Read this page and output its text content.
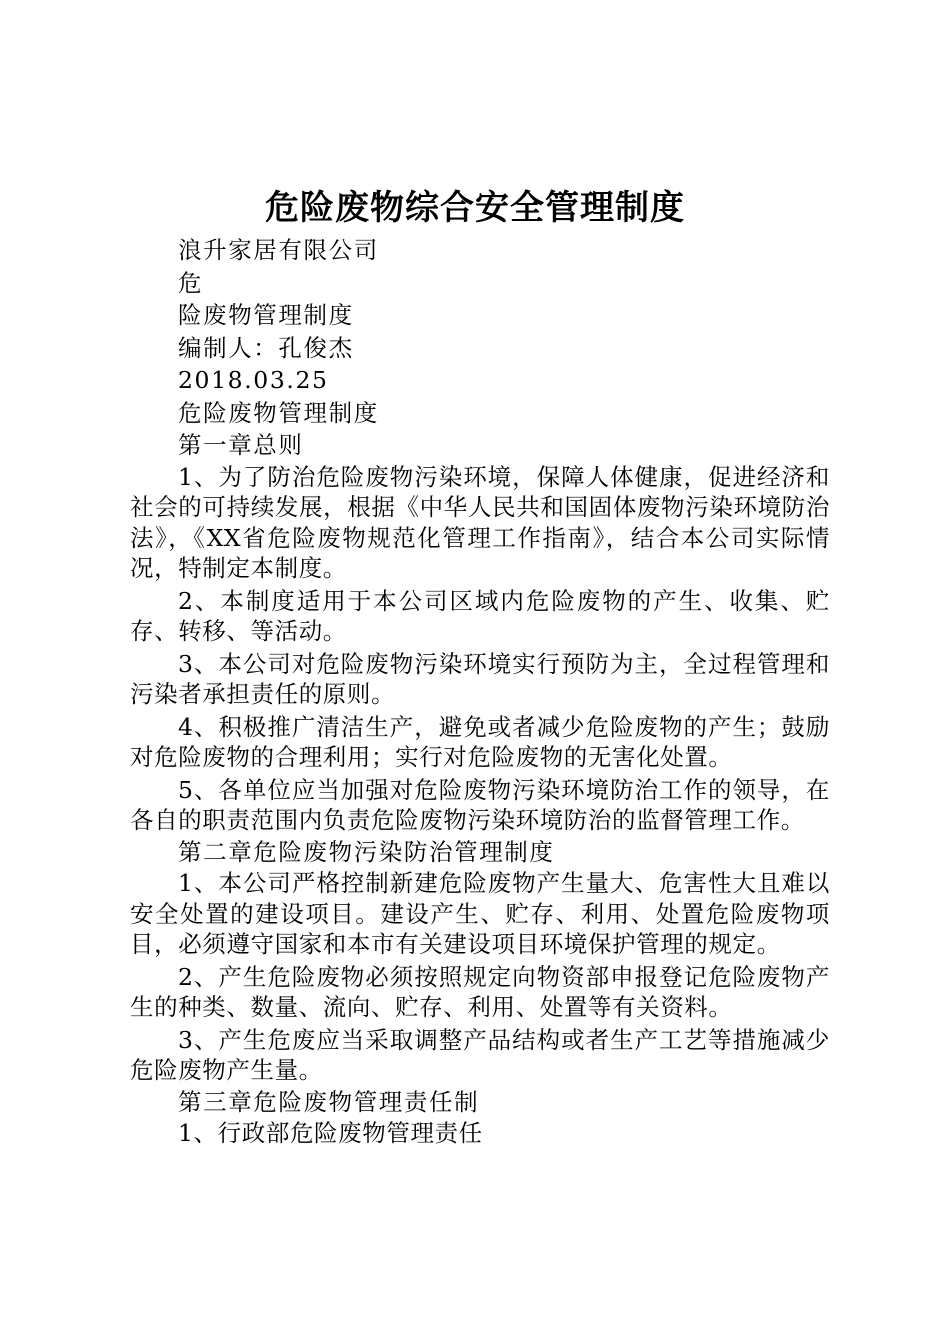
危险废物综合安全管理制度
浪升家居有限公司
危
险废物管理制度
编制人：孔俊杰
2018.03.25
危险废物管理制度
第一章总则

1、为了防治危险废物污染环境，保障人体健康，促进经济和社会的可持续发展，根据《中华人民共和国固体废物污染环境防治法》，《XX省危险废物规范化管理工作指南》，结合本公司实际情况，特制定本制度。

2、本制度适用于本公司区域内危险废物的产生、收集、贮存、转移、等活动。

3、本公司对危险废物污染环境实行预防为主，全过程管理和污染者承担责任的原则。

4、积极推广清洁生产，避免或者减少危险废物的产生；鼓励对危险废物的合理利用；实行对危险废物的无害化处置。

5、各单位应当加强对危险废物污染环境防治工作的领导，在各自的职责范围内负责危险废物污染环境防治的监督管理工作。

第二章危险废物污染防治管理制度

1、本公司严格控制新建危险废物产生量大、危害性大且难以安全处置的建设项目。建设产生、贮存、利用、处置危险废物项目，必须遵守国家和本市有关建设项目环境保护管理的规定。

2、产生危险废物必须按照规定向物资部申报登记危险废物产生的种类、数量、流向、贮存、利用、处置等有关资料。

3、产生危废应当采取调整产品结构或者生产工艺等措施减少危险废物产生量。

第三章危险废物管理责任制

1、行政部危险废物管理责任
